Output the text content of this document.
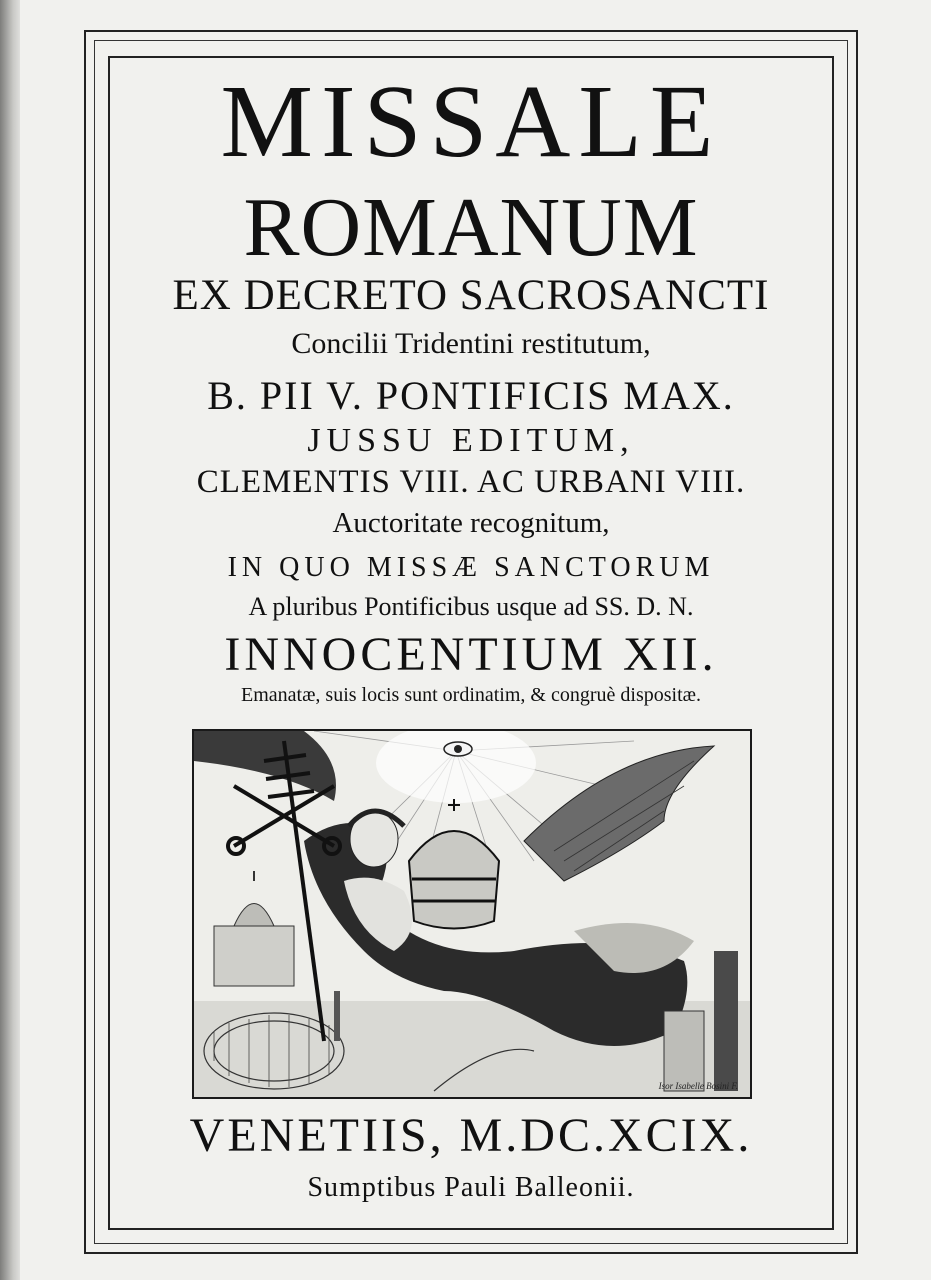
MISSALE
ROMANUM
EX DECRETO SACROSANCTI
Concilii Tridentini restitutum,
B. PII V. PONTIFICIS MAX.
JUSSU EDITUM,
CLEMENTIS VIII. AC URBANI VIII.
Auctoritate recognitum,
IN QUO MISSÆ SANCTORUM
A pluribus Pontificibus usque ad SS. D. N.
INNOCENTIUM XII.
Emanatæ, suis locis sunt ordinatim, & congruè dispositæ.
Isor Isabelle Bosini F.
VENETIIS, M.DC.XCIX.
Sumptibus Pauli Balleonii.
